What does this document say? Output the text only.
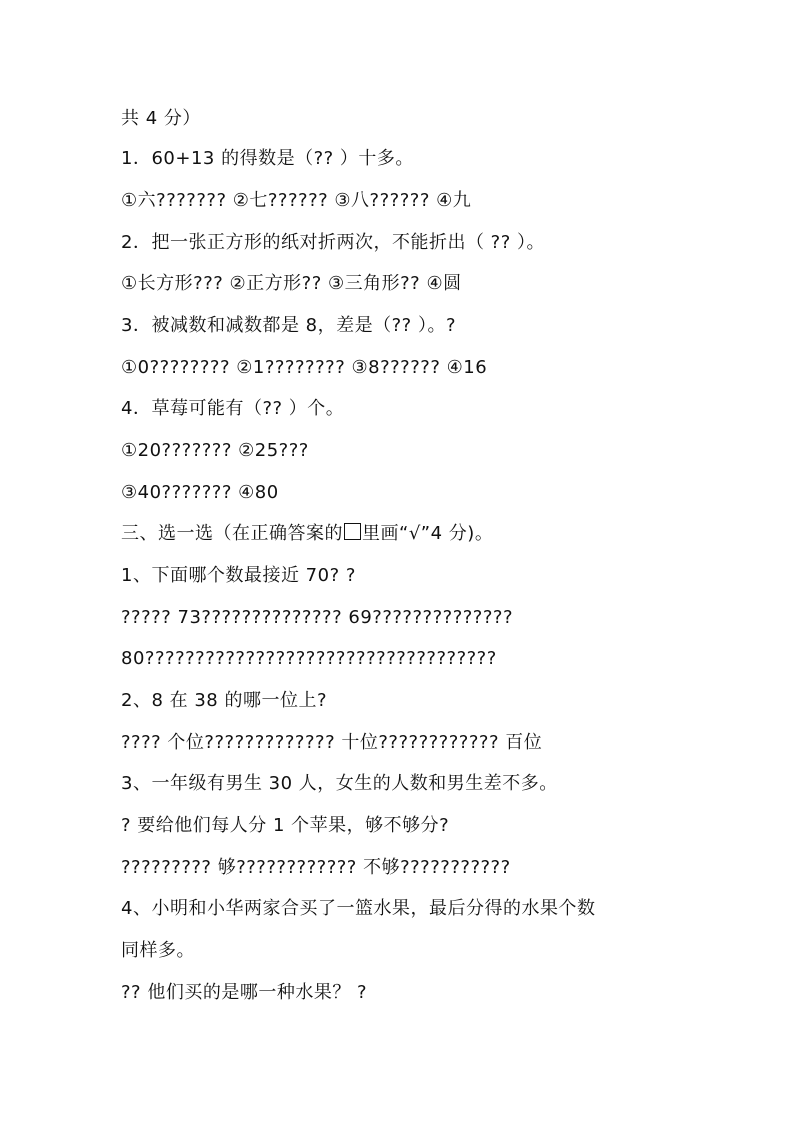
共 4 分）
1．60+13 的得数是（?? ）十多。
①六??????? ②七?????? ③八?????? ④九
2．把一张正方形的纸对折两次，不能折出（ ?? ）。
①长方形??? ②正方形?? ③三角形?? ④圆
3．被减数和减数都是 8，差是（?? ）。?
①0???????? ②1???????? ③8?????? ④16
4．草莓可能有（?? ）个。
①20??????? ②25???
③40??????? ④80
三、选一选（在正确答案的 里画“√”4 分)。
1、下面哪个数最接近 70? ?
????? 73?????????????? 69??????????????
80???????????????????????????????????
2、8 在 38 的哪一位上?
???? 个位????????????? 十位???????????? 百位
3、一年级有男生 30 人，女生的人数和男生差不多。
? 要给他们每人分 1 个苹果，够不够分?
????????? 够???????????? 不够???????????
4、小明和小华两家合买了一篮水果，最后分得的水果个数
同样多。
?? 他们买的是哪一种水果？ ?
